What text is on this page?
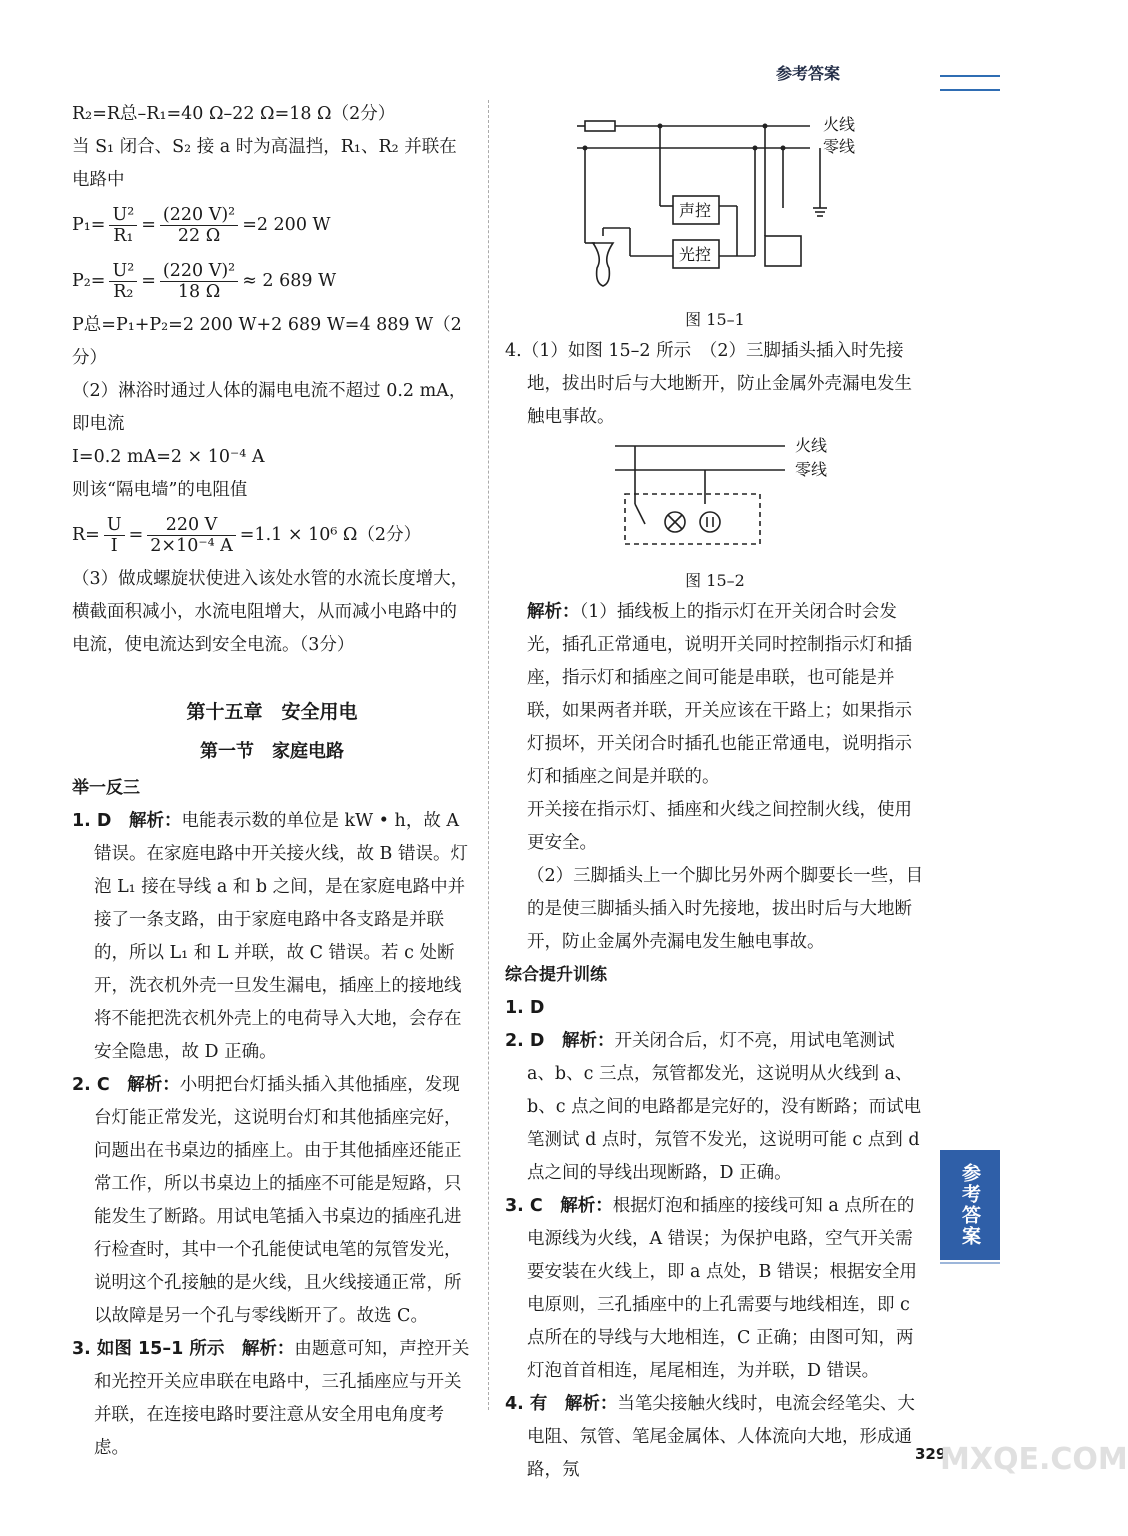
参考答案

R₂=R总–R₁=40 Ω–22 Ω=18 Ω（2分）

当 S₁ 闭合、S₂ 接 a 时为高温挡，R₁、R₂ 并联在电路中

$P_1= \frac{\text{U²}}{\text{R₁}} = \frac{\text{(220 V)²}}{22 \Omega} =2$ 200 W

$P_2= \frac{\text{U²}}{\text{R₂}} = \frac{\text{(220 V)²}}{18 \Omega} \approx 2$ 689 W

P总=P₁+P₂=2 200 W+2 689 W=4 889 W（2分）

（2）淋浴时通过人体的漏电电流不超过 0.2 mA，即电流

I=0.2 mA=2 × 10⁻⁴ A

则该“隔电墙”的电阻值

$R= \frac{U}{I} = \frac{220 V}{\text{2×10⁻⁴ A}} =1.1 \times 10^6$ Ω（2分）

（3）做成螺旋状使进入该处水管的水流长度增大，横截面积减小，水流电阻增大，从而减小电路中的电流，使电流达到安全电流。（3分）

第十五章　安全用电

第一节　家庭电路

举一反三

1. D　解析：电能表示数的单位是 kW • h，故 A 错误。在家庭电路中开关接火线，故 B 错误。灯泡 L₁ 接在导线 a 和 b 之间，是在家庭电路中并接了一条支路，由于家庭电路中各支路是并联的，所以 L₁ 和 L 并联，故 C 错误。若 c 处断开，洗衣机外壳一旦发生漏电，插座上的接地线将不能把洗衣机外壳上的电荷导入大地，会存在安全隐患，故 D 正确。

2. C　解析：小明把台灯插头插入其他插座，发现台灯能正常发光，这说明台灯和其他插座完好，问题出在书桌边的插座上。由于其他插座还能正常工作，所以书桌边上的插座不可能是短路，只能发生了断路。用试电笔插入书桌边的插座孔进行检查时，其中一个孔能使试电笔的氖管发光，说明这个孔接触的是火线，且火线接通正常，所以故障是另一个孔与零线断开了。故选 C。

3. 如图 15–1 所示　解析：由题意可知，声控开关和光控开关应串联在电路中，三孔插座应与开关并联，在连接电路时要注意从安全用电角度考虑。

火线
零线
声控
光控

图 15–1

4.（1）如图 15–2 所示　（2）三脚插头插入时先接地，拔出时后与大地断开，防止金属外壳漏电发生触电事故。

火线
零线

图 15–2

解析：（1）插线板上的指示灯在开关闭合时会发光，插孔正常通电，说明开关同时控制指示灯和插座，指示灯和插座之间可能是串联，也可能是并联，如果两者并联，开关应该在干路上；如果指示灯损坏，开关闭合时插孔也能正常通电，说明指示灯和插座之间是并联的。

开关接在指示灯、插座和火线之间控制火线，使用更安全。

（2）三脚插头上一个脚比另外两个脚要长一些，目的是使三脚插头插入时先接地，拔出时后与大地断开，防止金属外壳漏电发生触电事故。

综合提升训练

1. D

2. D　解析：开关闭合后，灯不亮，用试电笔测试 a、b、c 三点，氖管都发光，这说明从火线到 a、b、c 点之间的电路都是完好的，没有断路；而试电笔测试 d 点时，氖管不发光，这说明可能 c 点到 d 点之间的导线出现断路，D 正确。

3. C　解析：根据灯泡和插座的接线可知 a 点所在的电源线为火线，A 错误；为保护电路，空气开关需要安装在火线上，即 a 点处，B 错误；根据安全用电原则，三孔插座中的上孔需要与地线相连，即 c 点所在的导线与大地相连，C 正确；由图可知，两灯泡首首相连，尾尾相连，为并联，D 错误。

4. 有　解析：当笔尖接触火线时，电流会经笔尖、大电阻、氖管、笔尾金属体、人体流向大地，形成通路，氖

参考答案
329
MXQE.COM
